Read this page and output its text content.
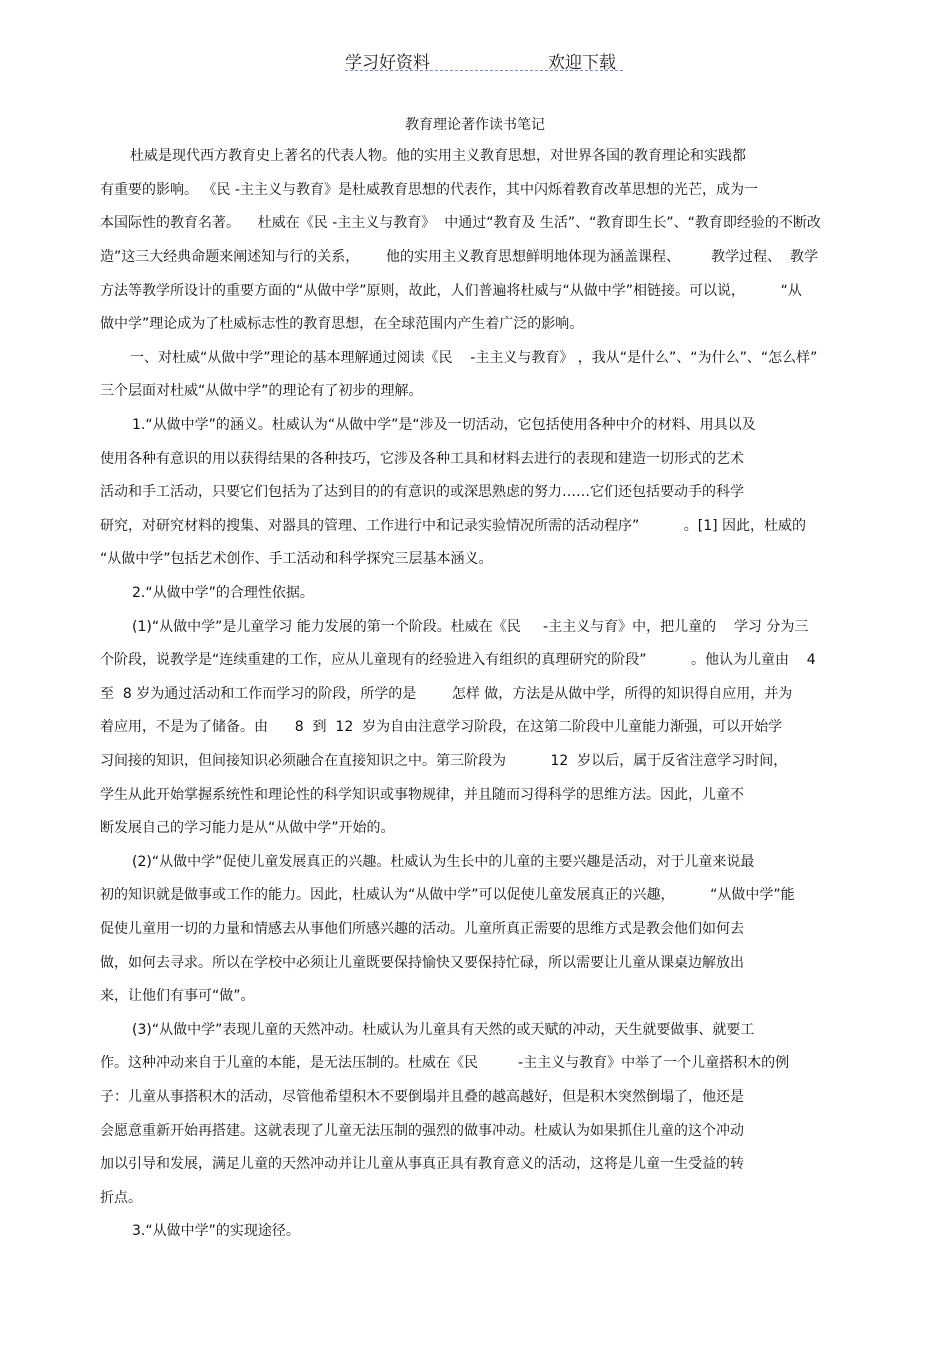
学习好资料	欢迎下载
教育理论著作读书笔记
杜威是现代西方教育史上著名的代表人物。他的实用主义教育思想，对世界各国的教育理论和实践都
有重要的影响。 《民 -主主义与教育》是杜威教育思想的代表作，其中闪烁着教育改革思想的光芒，成为一
本国际性的教育名著。    杜威在《民 -主主义与教育》  中通过“教育及 生活”、“教育即生长”、“教育即经验的不断改
造”这三大经典命题来阐述知与行的关系，      他的实用主义教育思想鲜明地体现为涵盖课程、       教学过程、  教学
方法等教学所设计的重要方面的“从做中学”原则，故此，人们普遍将杜威与“从做中学”相链接。可以说，        “从
做中学”理论成为了杜威标志性的教育思想，在全球范围内产生着广泛的影响。
一、对杜威“从做中学”理论的基本理解通过阅读《民    -主主义与教育》 ，我从“是什么”、“为什么”、“怎么样”
三个层面对杜威“从做中学”的理论有了初步的理解。
1.“从做中学”的涵义。杜威认为“从做中学”是“涉及一切活动，它包括使用各种中介的材料、用具以及
使用各种有意识的用以获得结果的各种技巧，它涉及各种工具和材料去进行的表现和建造一切形式的艺术
活动和手工活动，只要它们包括为了达到目的的有意识的或深思熟虑的努力……它们还包括要动手的科学
研究，对研究材料的搜集、对器具的管理、工作进行中和记录实验情况所需的活动程序”          。[1] 因此，杜威的
“从做中学”包括艺术创作、手工活动和科学探究三层基本涵义。
2.“从做中学”的合理性依据。
(1)“从做中学”是儿童学习 能力发展的第一个阶段。杜威在《民     -主主义与育》中，把儿童的    学习 分为三
个阶段，说教学是“连续重建的工作，应从儿童现有的经验进入有组织的真理研究的阶段”          。他认为儿童由    4
至  8 岁为通过活动和工作而学习的阶段，所学的是        怎样 做，方法是从做中学，所得的知识得自应用，并为
着应用，不是为了储备。由      8  到  12  岁为自由注意学习阶段，在这第二阶段中儿童能力渐强，可以开始学
习间接的知识，但间接知识必须融合在直接知识之中。第三阶段为          12  岁以后，属于反省注意学习时间，
学生从此开始掌握系统性和理论性的科学知识或事物规律，并且随而习得科学的思维方法。因此，儿童不
断发展自己的学习能力是从“从做中学”开始的。
(2)“从做中学”促使儿童发展真正的兴趣。杜威认为生长中的儿童的主要兴趣是活动，对于儿童来说最
初的知识就是做事或工作的能力。因此，杜威认为“从做中学”可以促使儿童发展真正的兴趣，        “从做中学”能
促使儿童用一切的力量和情感去从事他们所感兴趣的活动。儿童所真正需要的思维方式是教会他们如何去
做，如何去寻求。所以在学校中必须让儿童既要保持愉快又要保持忙碌，所以需要让儿童从课桌边解放出
来，让他们有事可“做”。
(3)“从做中学”表现儿童的天然冲动。杜威认为儿童具有天然的或天赋的冲动，天生就要做事、就要工
作。这种冲动来自于儿童的本能，是无法压制的。杜威在《民         -主主义与教育》中举了一个儿童搭积木的例
子：儿童从事搭积木的活动，尽管他希望积木不要倒塌并且叠的越高越好，但是积木突然倒塌了，他还是
会愿意重新开始再搭建。这就表现了儿童无法压制的强烈的做事冲动。杜威认为如果抓住儿童的这个冲动
加以引导和发展，满足儿童的天然冲动并让儿童从事真正具有教育意义的活动，这将是儿童一生受益的转
折点。
3.“从做中学”的实现途径。
